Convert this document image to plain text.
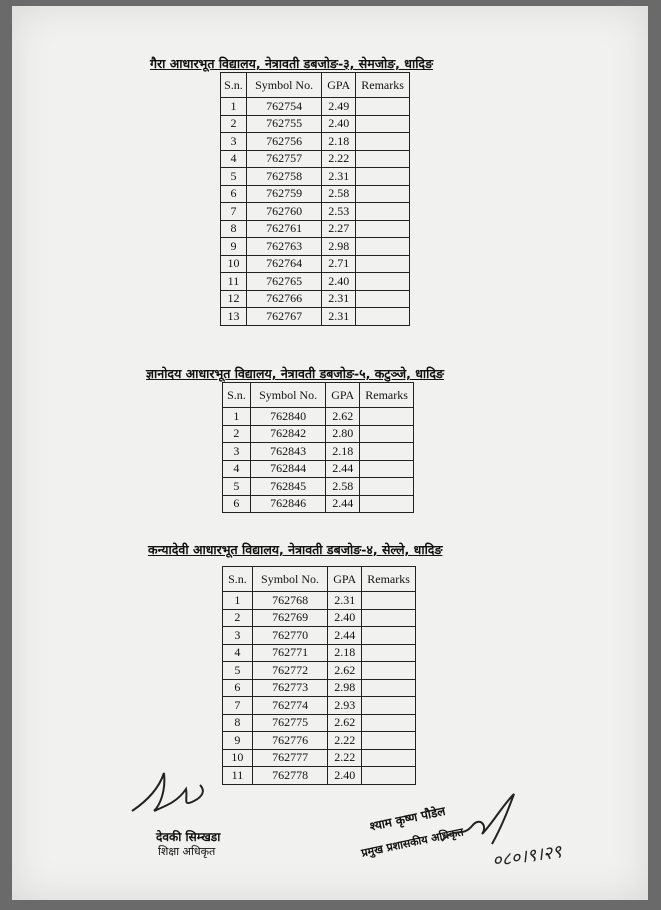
गैरा आधारभूत विद्यालय, नेत्रावती डबजोङ-३, सेमजोङ, धादिङ
S.n.	Symbol No.	GPA	Remarks
1	762754	2.49	
2	762755	2.40	
3	762756	2.18	
4	762757	2.22	
5	762758	2.31	
6	762759	2.58	
7	762760	2.53	
8	762761	2.27	
9	762763	2.98	
10	762764	2.71	
11	762765	2.40	
12	762766	2.31	
13	762767	2.31	
ज्ञानोदय आधारभूत विद्यालय, नेत्रावती डबजोङ-५, कटुञ्जे, धादिङ
S.n.	Symbol No.	GPA	Remarks
1	762840	2.62	
2	762842	2.80	
3	762843	2.18	
4	762844	2.44	
5	762845	2.58	
6	762846	2.44	
कन्यादेवी आधारभूत विद्यालय, नेत्रावती डबजोङ-४, सेल्ले, धादिङ
S.n.	Symbol No.	GPA	Remarks
1	762768	2.31	
2	762769	2.40	
3	762770	2.44	
4	762771	2.18	
5	762772	2.62	
6	762773	2.98	
7	762774	2.93	
8	762775	2.62	
9	762776	2.22	
10	762777	2.22	
11	762778	2.40	
देवकी सिम्खडा
शिक्षा अधिकृत
श्याम कृष्ण पौडेल
प्रमुख प्रशासकीय अधिकृत ०८०।९।२९
